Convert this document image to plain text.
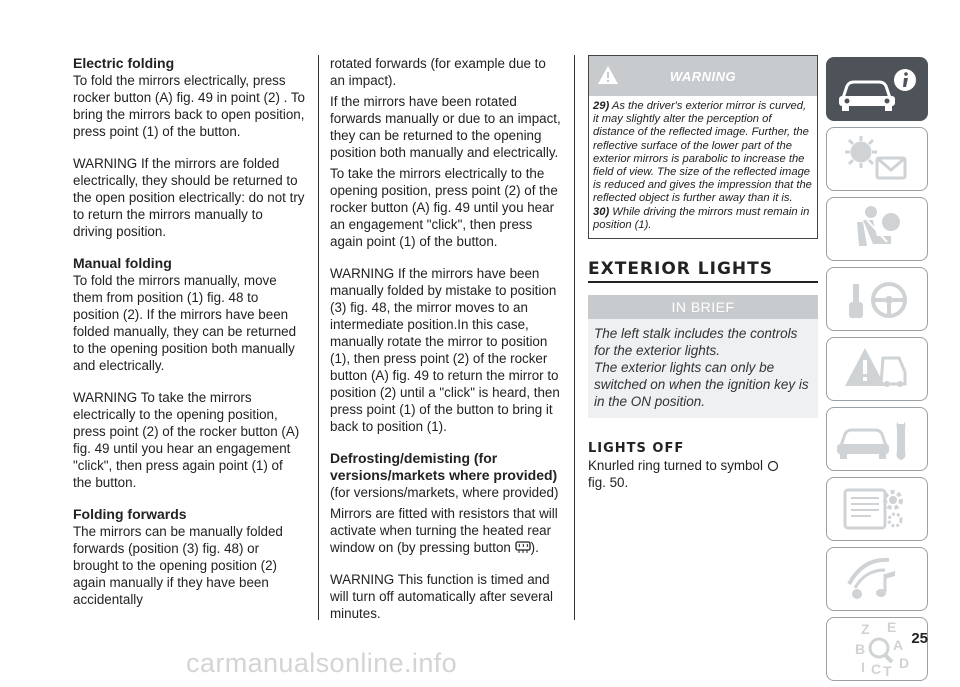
Electric folding

To fold the mirrors electrically, press rocker button (A) fig. 49 in point (2) . To bring the mirrors back to open position, press point (1) of the button.

WARNING If the mirrors are folded electrically, they should be returned to the open position electrically: do not try to return the mirrors manually to driving position.

Manual folding

To fold the mirrors manually, move them from position (1) fig. 48 to position (2). If the mirrors have been folded manually, they can be returned to the opening position both manually and electrically.

WARNING To take the mirrors electrically to the opening position, press point (2) of the rocker button (A) fig. 49 until you hear an engagement "click", then press again point (1) of the button.

Folding forwards

The mirrors can be manually folded forwards (position (3) fig. 48) or brought to the opening position (2) again manually if they have been accidentally

rotated forwards (for example due to an impact).

If the mirrors have been rotated forwards manually or due to an impact, they can be returned to the opening position both manually and electrically.

To take the mirrors electrically to the opening position, press point (2) of the rocker button (A) fig. 49 until you hear an engagement "click", then press again point (1) of the button.

WARNING If the mirrors have been manually folded by mistake to position (3) fig. 48, the mirror moves to an intermediate position.In this case, manually rotate the mirror to position (1), then press point (2) of the rocker button (A) fig. 49 to return the mirror to position (2) until a "click" is heard, then press point (1) of the button to bring it back to position (1).

Defrosting/demisting (for versions/markets where provided)

(for versions/markets, where provided)

Mirrors are fitted with resistors that will activate when turning the heated rear window on (by pressing button ).

WARNING This function is timed and will turn off automatically after several minutes.

WARNING
29) As the driver's exterior mirror is curved, it may slightly alter the perception of distance of the reflected image. Further, the reflective surface of the lower part of the exterior mirrors is parabolic to increase the field of view. The size of the reflected image is reduced and gives the impression that the reflected object is further away than it is.
30) While driving the mirrors must remain in position (1).
EXTERIOR LIGHTS
IN BRIEF
The left stalk includes the controls for the exterior lights.
The exterior lights can only be switched on when the ignition key is in the ON position.
LIGHTS OFF
Knurled ring turned to symbol
fig. 50.
Z E
B A
I C T D
25
carmanualsonline.info
